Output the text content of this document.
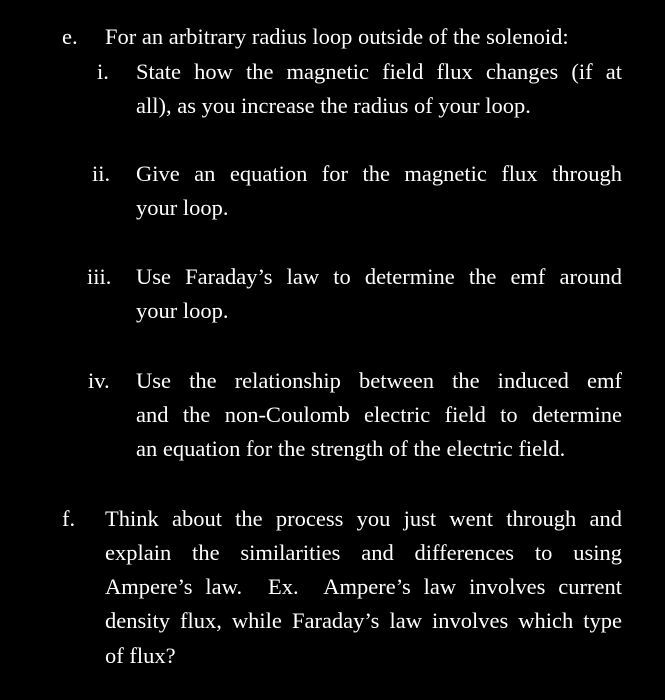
e. For an arbitrary radius loop outside of the solenoid:
i. State how the magnetic field flux changes (if at
all), as you increase the radius of your loop.
ii. Give an equation for the magnetic flux through
your loop.
iii. Use Faraday’s law to determine the emf around
your loop.
iv. Use the relationship between the induced emf
and the non-Coulomb electric field to determine
an equation for the strength of the electric field.
f. Think about the process you just went through and
explain the similarities and differences to using
Ampere’s law.  Ex.  Ampere’s law involves current
density flux, while Faraday’s law involves which type
of flux?
